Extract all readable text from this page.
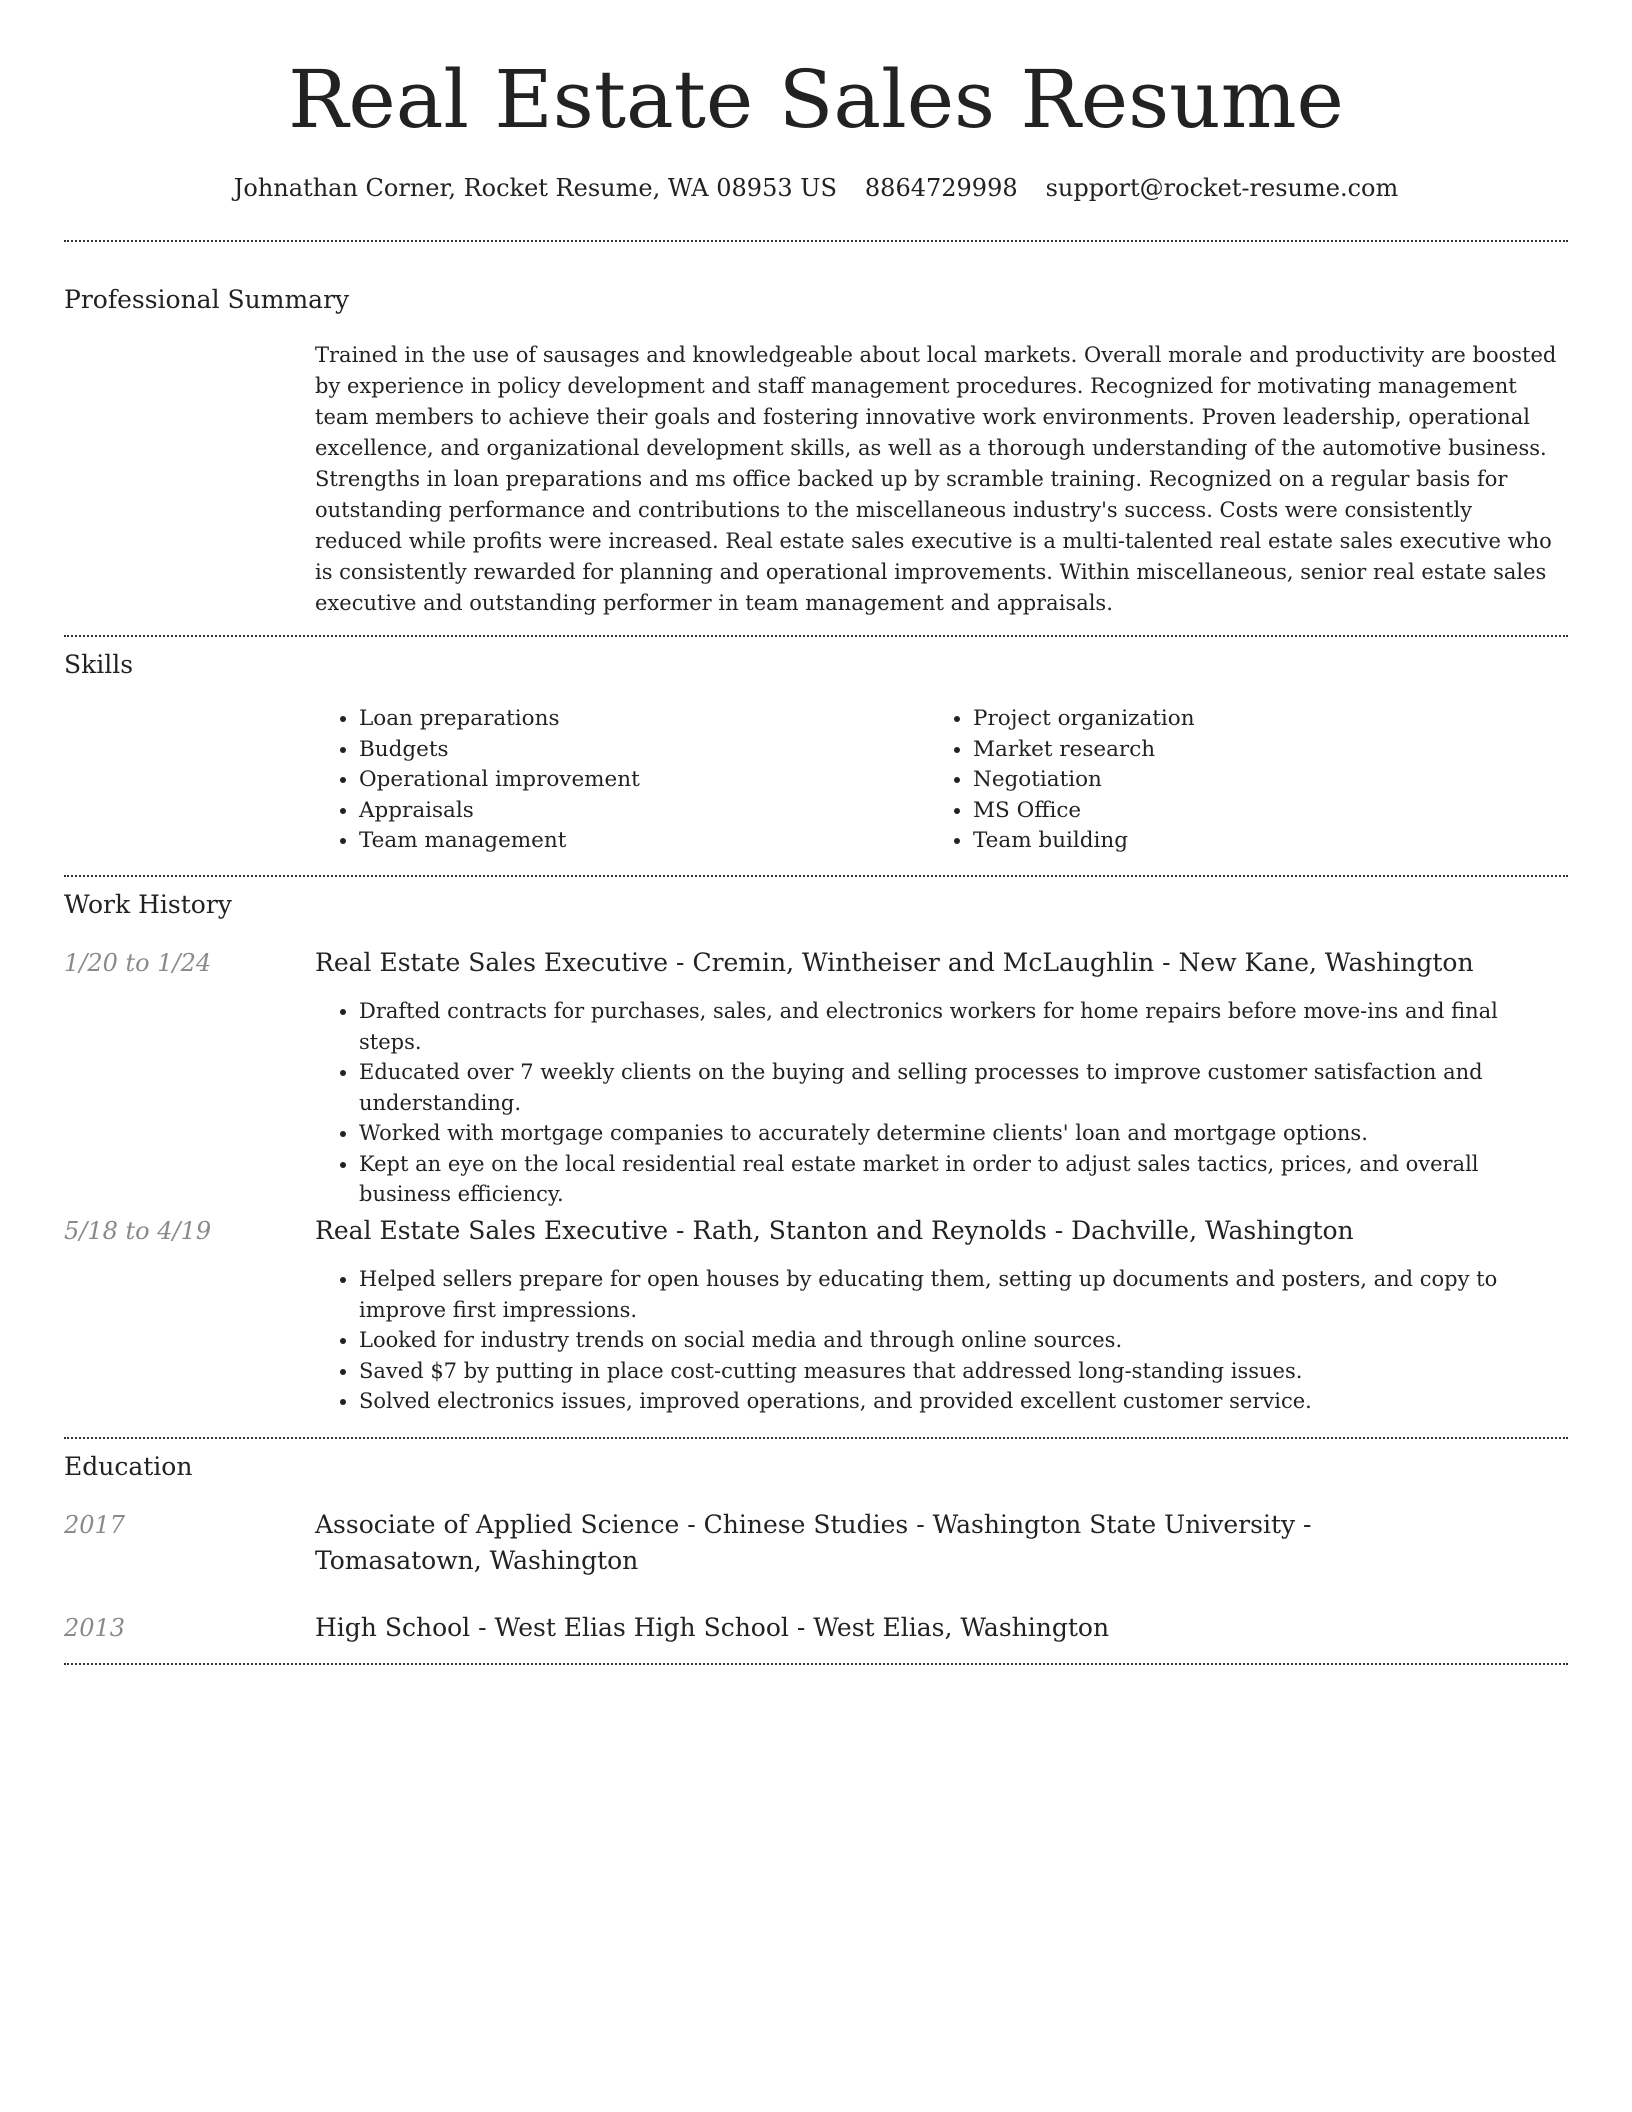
Real Estate Sales Resume
Johnathan Corner, Rocket Resume, WA 08953 US 8864729998 support@rocket-resume.com
Professional Summary

Trained in the use of sausages and knowledgeable about local markets. Overall morale and productivity are boosted by experience in policy development and staff management procedures. Recognized for motivating management team members to achieve their goals and fostering innovative work environments. Proven leadership, operational excellence, and organizational development skills, as well as a thorough understanding of the automotive business. Strengths in loan preparations and ms office backed up by scramble training. Recognized on a regular basis for outstanding performance and contributions to the miscellaneous industry's success. Costs were consistently reduced while profits were increased. Real estate sales executive is a multi-talented real estate sales executive who is consistently rewarded for planning and operational improvements. Within miscellaneous, senior real estate sales executive and outstanding performer in team management and appraisals.

Skills
• Loan preparations
• Budgets
• Operational improvement
• Appraisals
• Team management
• Project organization
• Market research
• Negotiation
• MS Office
• Team building
Work History
1/20 to 1/24	Real Estate Sales Executive - Cremin, Wintheiser and McLaughlin - New Kane, Washington
• Drafted contracts for purchases, sales, and electronics workers for home repairs before move-ins and final steps.
• Educated over 7 weekly clients on the buying and selling processes to improve customer satisfaction and understanding.
• Worked with mortgage companies to accurately determine clients' loan and mortgage options.
• Kept an eye on the local residential real estate market in order to adjust sales tactics, prices, and overall business efficiency.
5/18 to 4/19	Real Estate Sales Executive - Rath, Stanton and Reynolds - Dachville, Washington
• Helped sellers prepare for open houses by educating them, setting up documents and posters, and copy to improve first impressions.
• Looked for industry trends on social media and through online sources.
• Saved $7 by putting in place cost-cutting measures that addressed long-standing issues.
• Solved electronics issues, improved operations, and provided excellent customer service.
Education
2017	Associate of Applied Science - Chinese Studies - Washington State University - Tomasatown, Washington
2013	High School - West Elias High School - West Elias, Washington
